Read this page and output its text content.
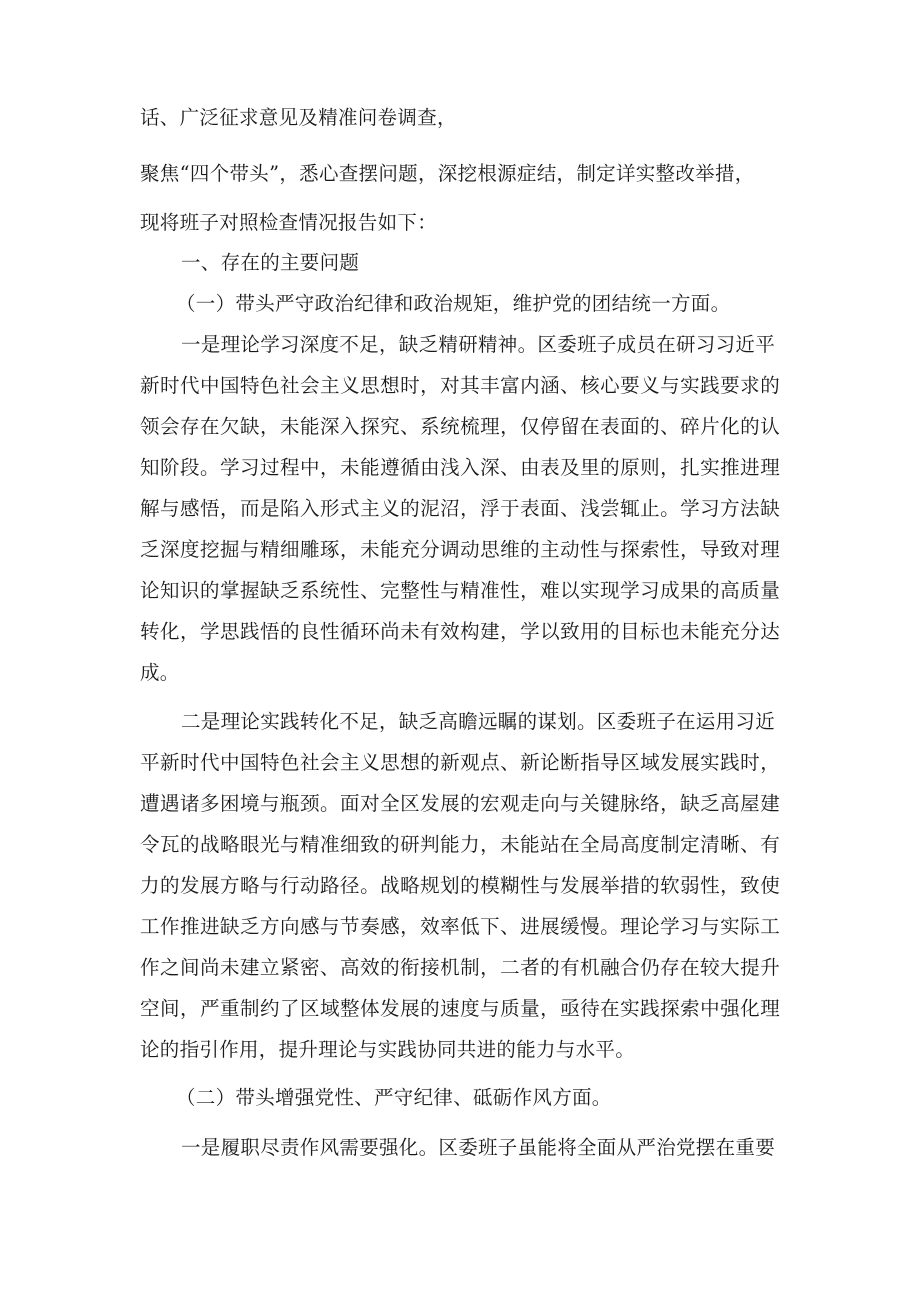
话、广泛征求意见及精准问卷调查，
聚焦“四个带头”，悉心查摆问题，深挖根源症结，制定详实整改举措，
现将班子对照检查情况报告如下：
一、存在的主要问题
（一）带头严守政治纪律和政治规矩，维护党的团结统一方面。
一是理论学习深度不足，缺乏精研精神。区委班子成员在研习习近平
新时代中国特色社会主义思想时，对其丰富内涵、核心要义与实践要求的
领会存在欠缺，未能深入探究、系统梳理，仅停留在表面的、碎片化的认
知阶段。学习过程中，未能遵循由浅入深、由表及里的原则，扎实推进理
解与感悟，而是陷入形式主义的泥沼，浮于表面、浅尝辄止。学习方法缺
乏深度挖掘与精细雕琢，未能充分调动思维的主动性与探索性，导致对理
论知识的掌握缺乏系统性、完整性与精准性，难以实现学习成果的高质量
转化，学思践悟的良性循环尚未有效构建，学以致用的目标也未能充分达
成。
二是理论实践转化不足，缺乏高瞻远瞩的谋划。区委班子在运用习近
平新时代中国特色社会主义思想的新观点、新论断指导区域发展实践时，
遭遇诸多困境与瓶颈。面对全区发展的宏观走向与关键脉络，缺乏高屋建
令瓦的战略眼光与精准细致的研判能力，未能站在全局高度制定清晰、有
力的发展方略与行动路径。战略规划的模糊性与发展举措的软弱性，致使
工作推进缺乏方向感与节奏感，效率低下、进展缓慢。理论学习与实际工
作之间尚未建立紧密、高效的衔接机制，二者的有机融合仍存在较大提升
空间，严重制约了区域整体发展的速度与质量，亟待在实践探索中强化理
论的指引作用，提升理论与实践协同共进的能力与水平。
（二）带头增强党性、严守纪律、砥砺作风方面。
一是履职尽责作风需要强化。区委班子虽能将全面从严治党摆在重要
